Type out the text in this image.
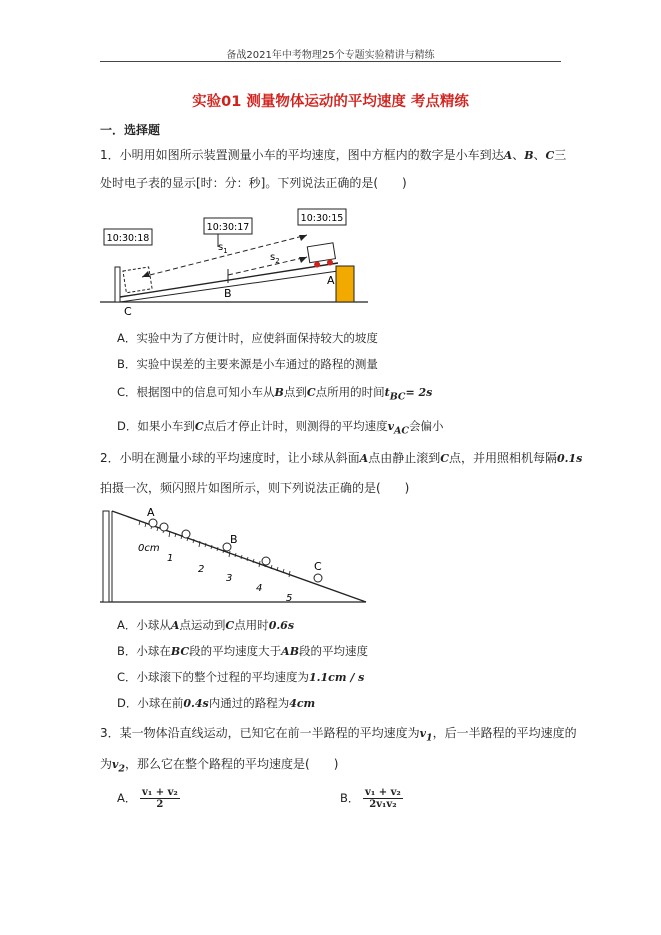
备战2021年中考物理25个专题实验精讲与精练
实验01 测量物体运动的平均速度 考点精练
一．选择题
1．小明用如图所示装置测量小车的平均速度，图中方框内的数字是小车到达A、B、C三
处时电子表的显示[时：分：秒]。下列说法正确的是(　　)
$s_1$
$s_2$
10:30:18
10:30:17
10:30:15
A
B
C
A．实验中为了方便计时，应使斜面保持较大的坡度
B．实验中误差的主要来源是小车通过的路程的测量
C．根据图中的信息可知小车从B点到C点所用的时间$t_{BC}= 2s$
D．如果小车到C点后才停止计时，则测得的平均速度$v_{AC}$会偏小
2．小明在测量小球的平均速度时，让小球从斜面A点由静止滚到C点，并用照相机每隔0.1s
拍摄一次，频闪照片如图所示，则下列说法正确的是(　　)
0cm
1
2
3
4
5
A
B
C
A．小球从A点运动到C点用时0.6s
B．小球在BC段的平均速度大于AB段的平均速度
C．小球滚下的整个过程的平均速度为1.1cm / s
D．小球在前0.4s内通过的路程为4cm
3．某一物体沿直线运动，已知它在前一半路程的平均速度为$v_1$，后一半路程的平均速度的
为$v_2$，那么它在整个路程的平均速度是(　　)
A． $\frac{\text{v₁ + v₂}}{2}$	B． $\frac{\text{v₁ + v₂}}{\text{2v₁v₂}}$
